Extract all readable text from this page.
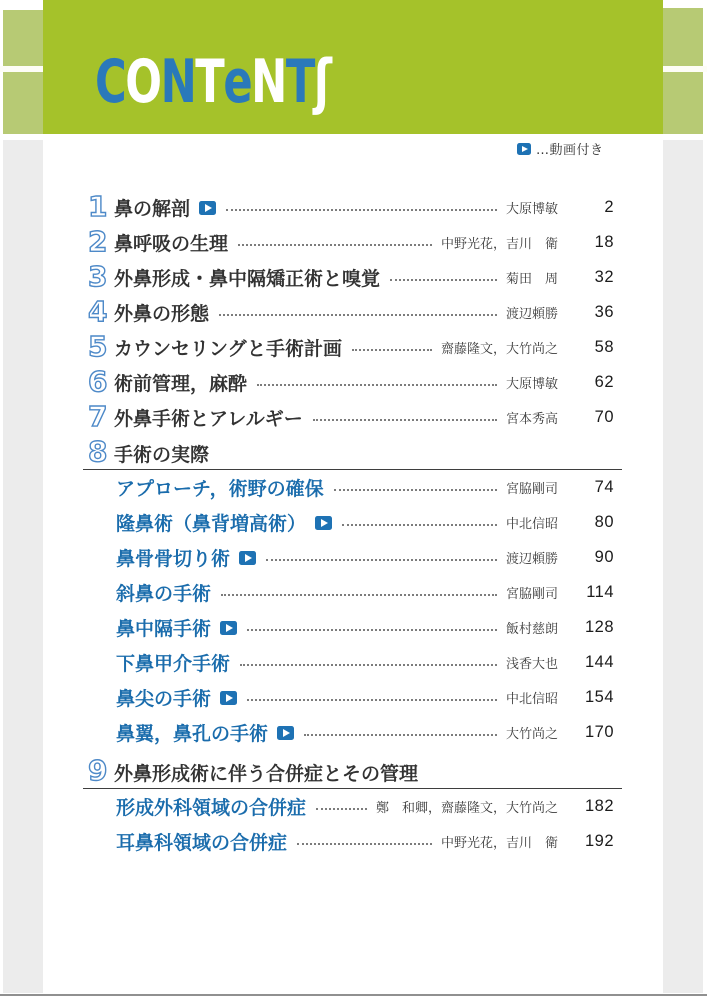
C O N T e N T ʃ
…動画付き
1 鼻の解剖	大原博敏	2
2 鼻呼吸の生理	中野光花，吉川　衛	18
3 外鼻形成・鼻中隔矯正術と嗅覚	菊田　周	32
4 外鼻の形態	渡辺頼勝	36
5 カウンセリングと手術計画	齋藤隆文，大竹尚之	58
6 術前管理，麻酔	大原博敏	62
7 外鼻手術とアレルギー	宮本秀高	70
8 手術の実際
アプローチ，術野の確保	宮脇剛司	74
隆鼻術（鼻背増高術）	中北信昭	80
鼻骨骨切り術	渡辺頼勝	90
斜鼻の手術	宮脇剛司	114
鼻中隔手術	飯村慈朗	128
下鼻甲介手術	浅香大也	144
鼻尖の手術	中北信昭	154
鼻翼，鼻孔の手術	大竹尚之	170
9 外鼻形成術に伴う合併症とその管理
形成外科領域の合併症	鄭　和卿，齋藤隆文，大竹尚之	182
耳鼻科領域の合併症	中野光花，吉川　衛	192
